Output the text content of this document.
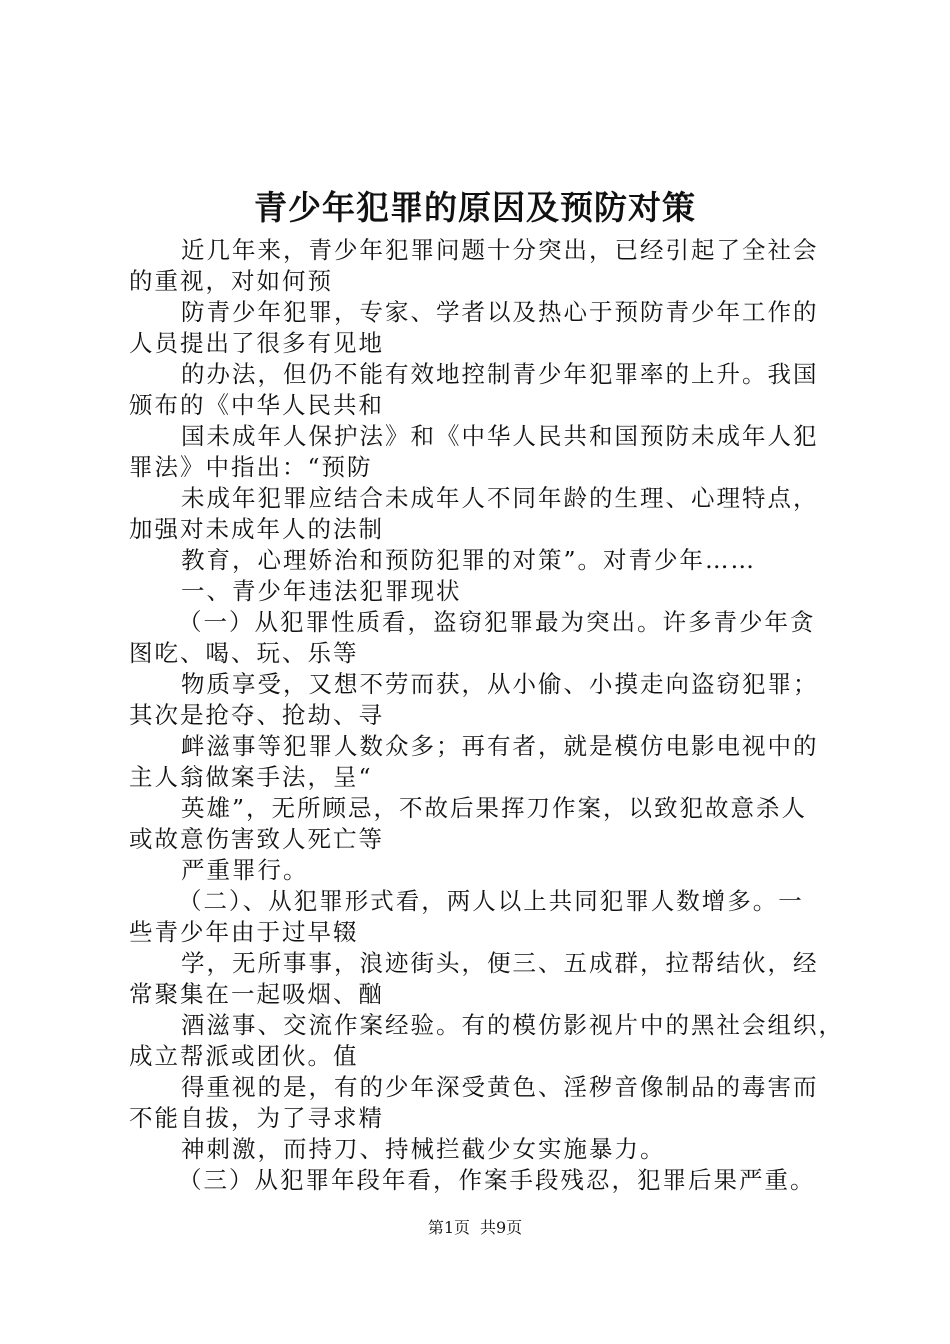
青少年犯罪的原因及预防对策
近几年来，青少年犯罪问题十分突出，已经引起了全社会
的重视，对如何预
防青少年犯罪，专家、学者以及热心于预防青少年工作的
人员提出了很多有见地
的办法，但仍不能有效地控制青少年犯罪率的上升。我国
颁布的《中华人民共和
国未成年人保护法》和《中华人民共和国预防未成年人犯
罪法》中指出：“预防
未成年犯罪应结合未成年人不同年龄的生理、心理特点，
加强对未成年人的法制
教育，心理娇治和预防犯罪的对策”。对青少年……
一、青少年违法犯罪现状
（一）从犯罪性质看，盗窃犯罪最为突出。许多青少年贪
图吃、喝、玩、乐等
物质享受，又想不劳而获，从小偷、小摸走向盗窃犯罪；
其次是抢夺、抢劫、寻
衅滋事等犯罪人数众多；再有者，就是模仿电影电视中的
主人翁做案手法，呈“
英雄”，无所顾忌，不故后果挥刀作案，以致犯故意杀人
或故意伤害致人死亡等
严重罪行。
（二）、从犯罪形式看，两人以上共同犯罪人数增多。一
些青少年由于过早辍
学，无所事事，浪迹街头，便三、五成群，拉帮结伙，经
常聚集在一起吸烟、酗
酒滋事、交流作案经验。有的模仿影视片中的黑社会组织，
成立帮派或团伙。值
得重视的是，有的少年深受黄色、淫秽音像制品的毒害而
不能自拔，为了寻求精
神刺激，而持刀、持械拦截少女实施暴力。
（三）从犯罪年段年看，作案手段残忍，犯罪后果严重。
第1页 共9页
